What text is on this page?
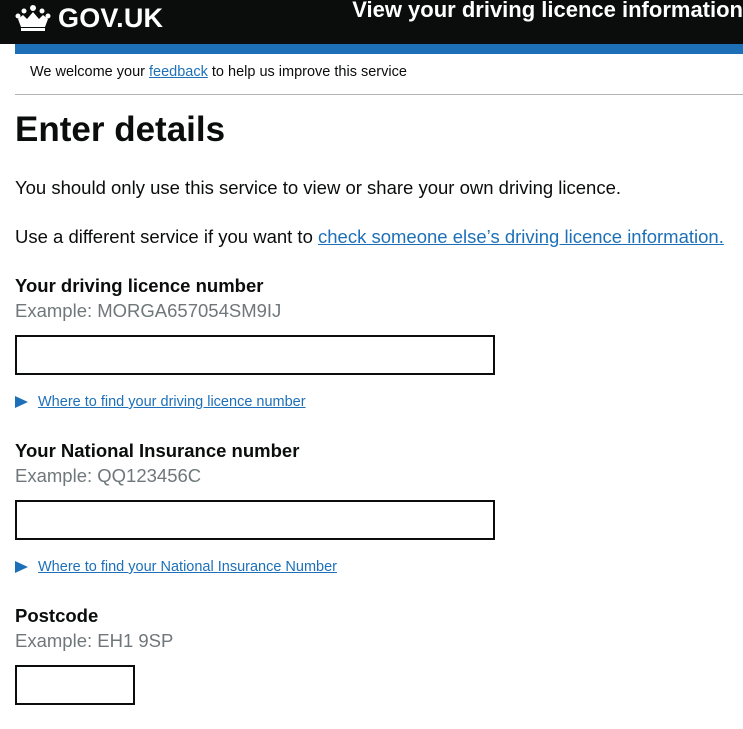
GOV.UK	View your driving licence information
We welcome your feedback to help us improve this service
Enter details

You should only use this service to view or share your own driving licence.

Use a different service if you want to check someone else’s driving licence information.

Your driving licence number

Example: MORGA657054SM9IJ

Where to find your driving licence number

Your National Insurance number

Example: QQ123456C

Where to find your National Insurance Number

Postcode

Example: EH1 9SP
